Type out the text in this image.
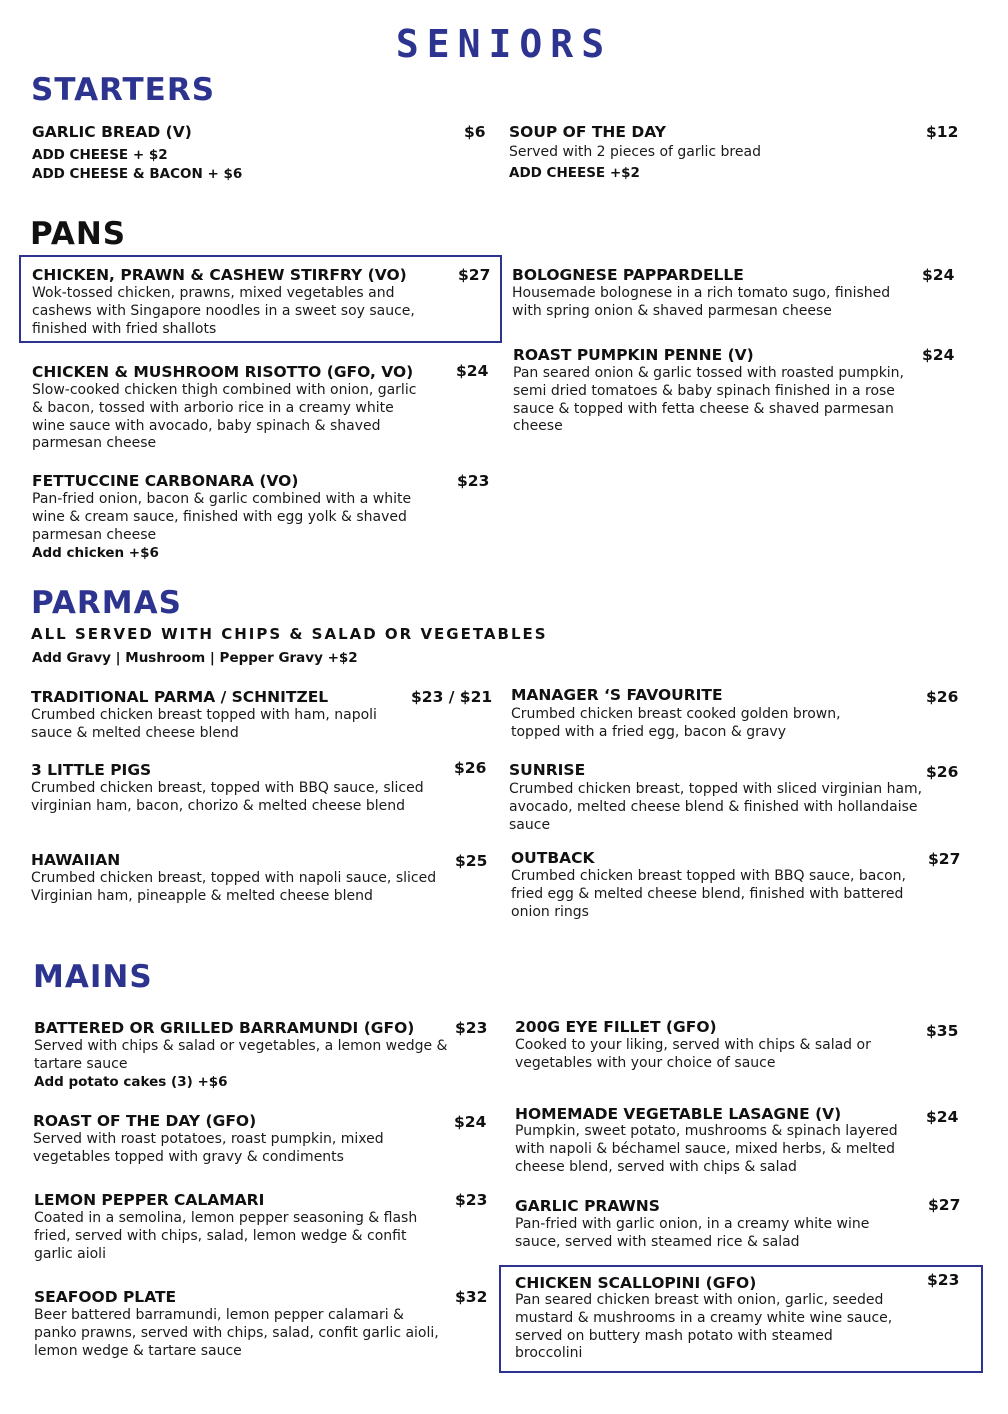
SENIORS
STARTERS
GARLIC BREAD (V)	$6
ADD CHEESE + $2
ADD CHEESE & BACON + $6
SOUP OF THE DAY	$12
Served with 2 pieces of garlic bread
ADD CHEESE +$2
PANS
CHICKEN, PRAWN & CASHEW STIRFRY (VO)	$27
Wok-tossed chicken, prawns, mixed vegetables and cashews with Singapore noodles in a sweet soy sauce, finished with fried shallots
BOLOGNESE PAPPARDELLE	$24
Housemade bolognese in a rich tomato sugo, finished with spring onion & shaved parmesan cheese
CHICKEN & MUSHROOM RISOTTO (GFO, VO)	$24
Slow-cooked chicken thigh combined with onion, garlic & bacon, tossed with arborio rice in a creamy white wine sauce with avocado, baby spinach & shaved parmesan cheese
ROAST PUMPKIN PENNE (V)	$24
Pan seared onion & garlic tossed with roasted pumpkin, semi dried tomatoes & baby spinach finished in a rose sauce & topped with fetta cheese & shaved parmesan cheese
FETTUCCINE CARBONARA (VO)	$23
Pan-fried onion, bacon & garlic combined with a white wine & cream sauce, finished with egg yolk & shaved parmesan cheese
Add chicken +$6
PARMAS
ALL SERVED WITH CHIPS & SALAD OR VEGETABLES
Add Gravy | Mushroom | Pepper Gravy +$2
TRADITIONAL PARMA / SCHNITZEL	$23 / $21
Crumbed chicken breast topped with ham, napoli sauce & melted cheese blend
MANAGER ‘S FAVOURITE	$26
Crumbed chicken breast cooked golden brown, topped with a fried egg, bacon & gravy
3 LITTLE PIGS	$26
Crumbed chicken breast, topped with BBQ sauce, sliced virginian ham, bacon, chorizo & melted cheese blend
SUNRISE	$26
Crumbed chicken breast, topped with sliced virginian ham, avocado, melted cheese blend & finished with hollandaise sauce
HAWAIIAN	$25
Crumbed chicken breast, topped with napoli sauce, sliced Virginian ham, pineapple & melted cheese blend
OUTBACK	$27
Crumbed chicken breast topped with BBQ sauce, bacon, fried egg & melted cheese blend, finished with battered onion rings
MAINS
BATTERED OR GRILLED BARRAMUNDI (GFO)	$23
Served with chips & salad or vegetables, a lemon wedge & tartare sauce
Add potato cakes (3) +$6
200G EYE FILLET (GFO)	$35
Cooked to your liking, served with chips & salad or vegetables with your choice of sauce
ROAST OF THE DAY (GFO)	$24
Served with roast potatoes, roast pumpkin, mixed vegetables topped with gravy & condiments
HOMEMADE VEGETABLE LASAGNE (V)	$24
Pumpkin, sweet potato, mushrooms & spinach layered with napoli & béchamel sauce, mixed herbs, & melted cheese blend, served with chips & salad
LEMON PEPPER CALAMARI	$23
Coated in a semolina, lemon pepper seasoning & flash fried, served with chips, salad, lemon wedge & confit garlic aioli
GARLIC PRAWNS	$27
Pan-fried with garlic onion, in a creamy white wine sauce, served with steamed rice & salad
SEAFOOD PLATE	$32
Beer battered barramundi, lemon pepper calamari & panko prawns, served with chips, salad, confit garlic aioli, lemon wedge & tartare sauce
CHICKEN SCALLOPINI (GFO)	$23
Pan seared chicken breast with onion, garlic, seeded mustard & mushrooms in a creamy white wine sauce, served on buttery mash potato with steamed broccolini
